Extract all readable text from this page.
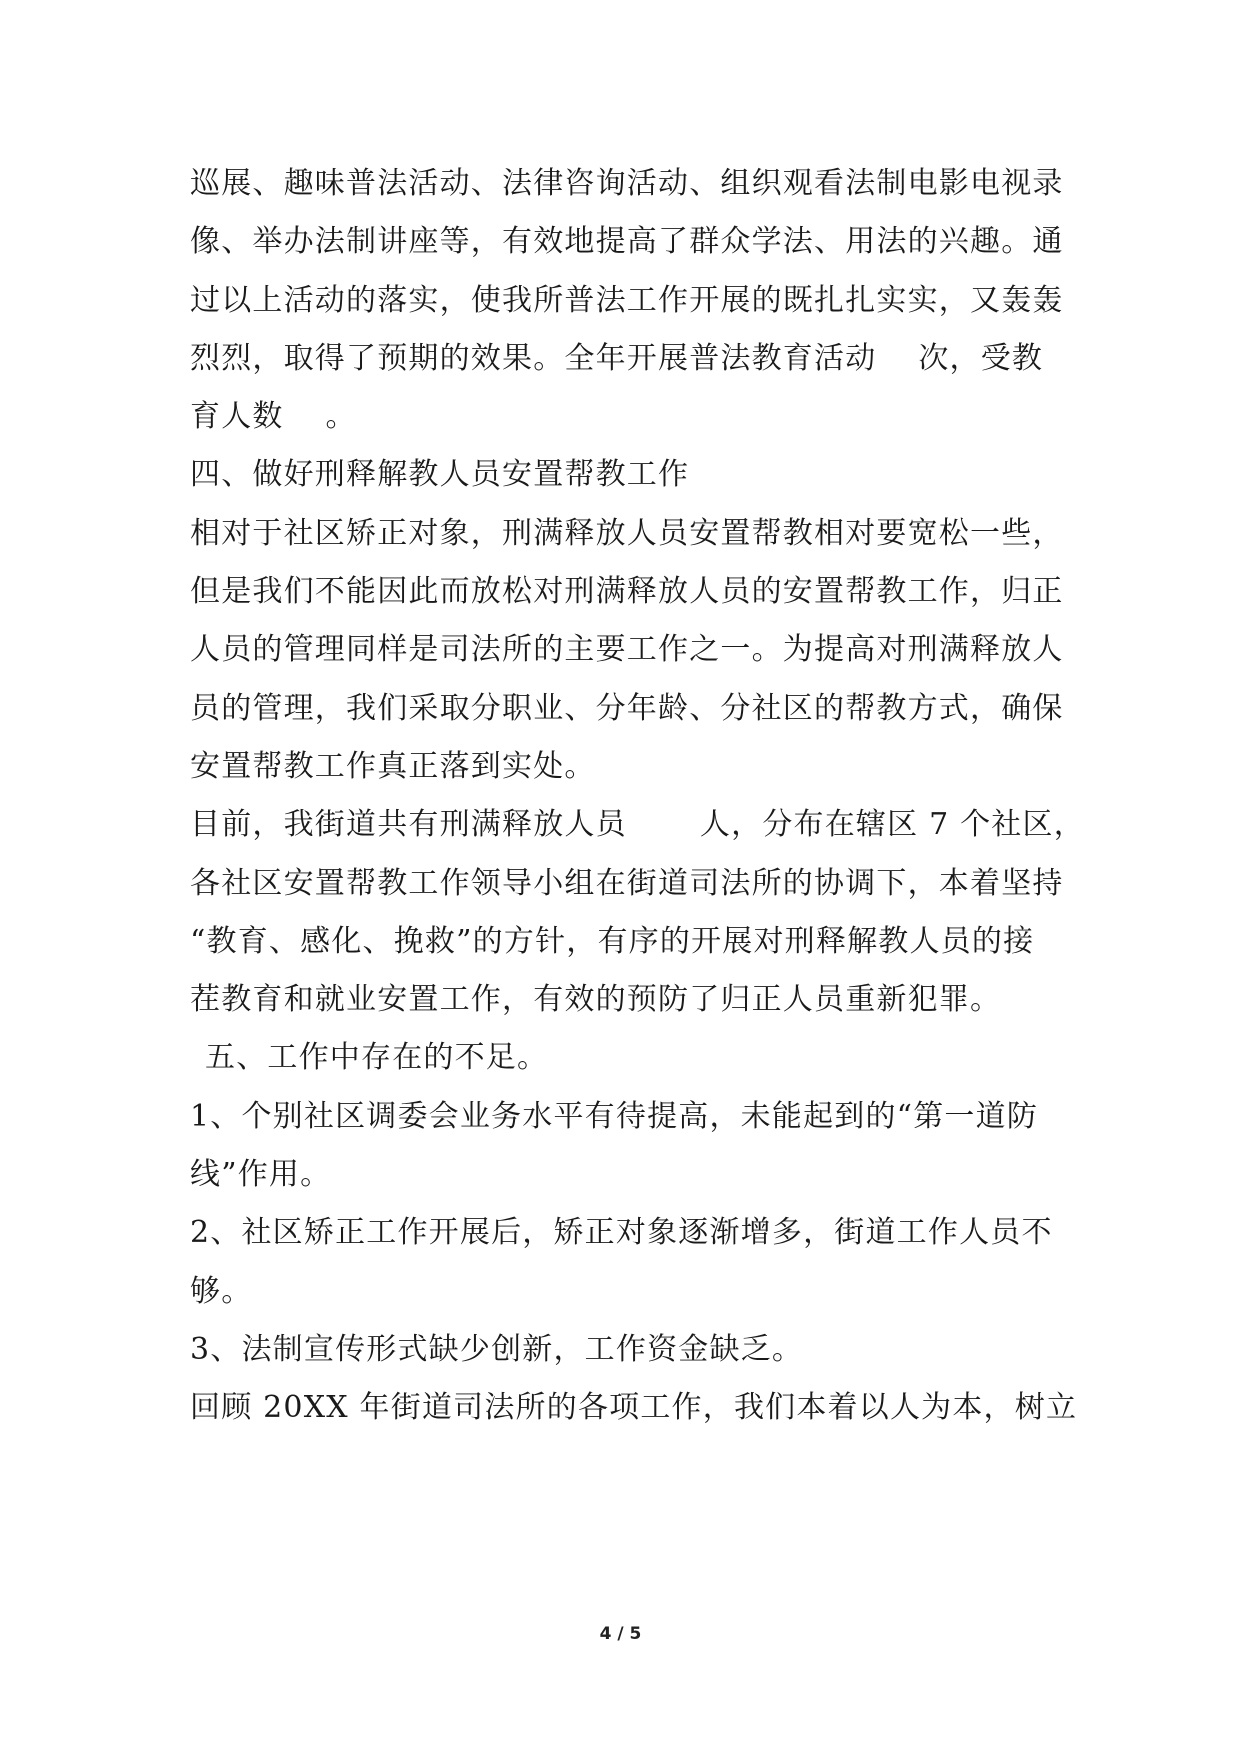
巡展、趣味普法活动、法律咨询活动、组织观看法制电影电视录
像、举办法制讲座等，有效地提高了群众学法、用法的兴趣。通
过以上活动的落实，使我所普法工作开展的既扎扎实实，又轰轰
烈烈，取得了预期的效果。全年开展普法教育活动　 次，受教
育人数　 。
四、做好刑释解教人员安置帮教工作
相对于社区矫正对象，刑满释放人员安置帮教相对要宽松一些，
但是我们不能因此而放松对刑满释放人员的安置帮教工作，归正
人员的管理同样是司法所的主要工作之一。为提高对刑满释放人
员的管理，我们采取分职业、分年龄、分社区的帮教方式，确保
安置帮教工作真正落到实处。
目前，我街道共有刑满释放人员　　 人，分布在辖区 7 个社区，
各社区安置帮教工作领导小组在街道司法所的协调下，本着坚持
“教育、感化、挽救”的方针，有序的开展对刑释解教人员的接
茬教育和就业安置工作，有效的预防了归正人员重新犯罪。
五、工作中存在的不足。
1、个别社区调委会业务水平有待提高，未能起到的“第一道防
线”作用。
2、社区矫正工作开展后，矫正对象逐渐增多，街道工作人员不
够。
3、法制宣传形式缺少创新，工作资金缺乏。
回顾 20XX 年街道司法所的各项工作，我们本着以人为本，树立
4 / 5
